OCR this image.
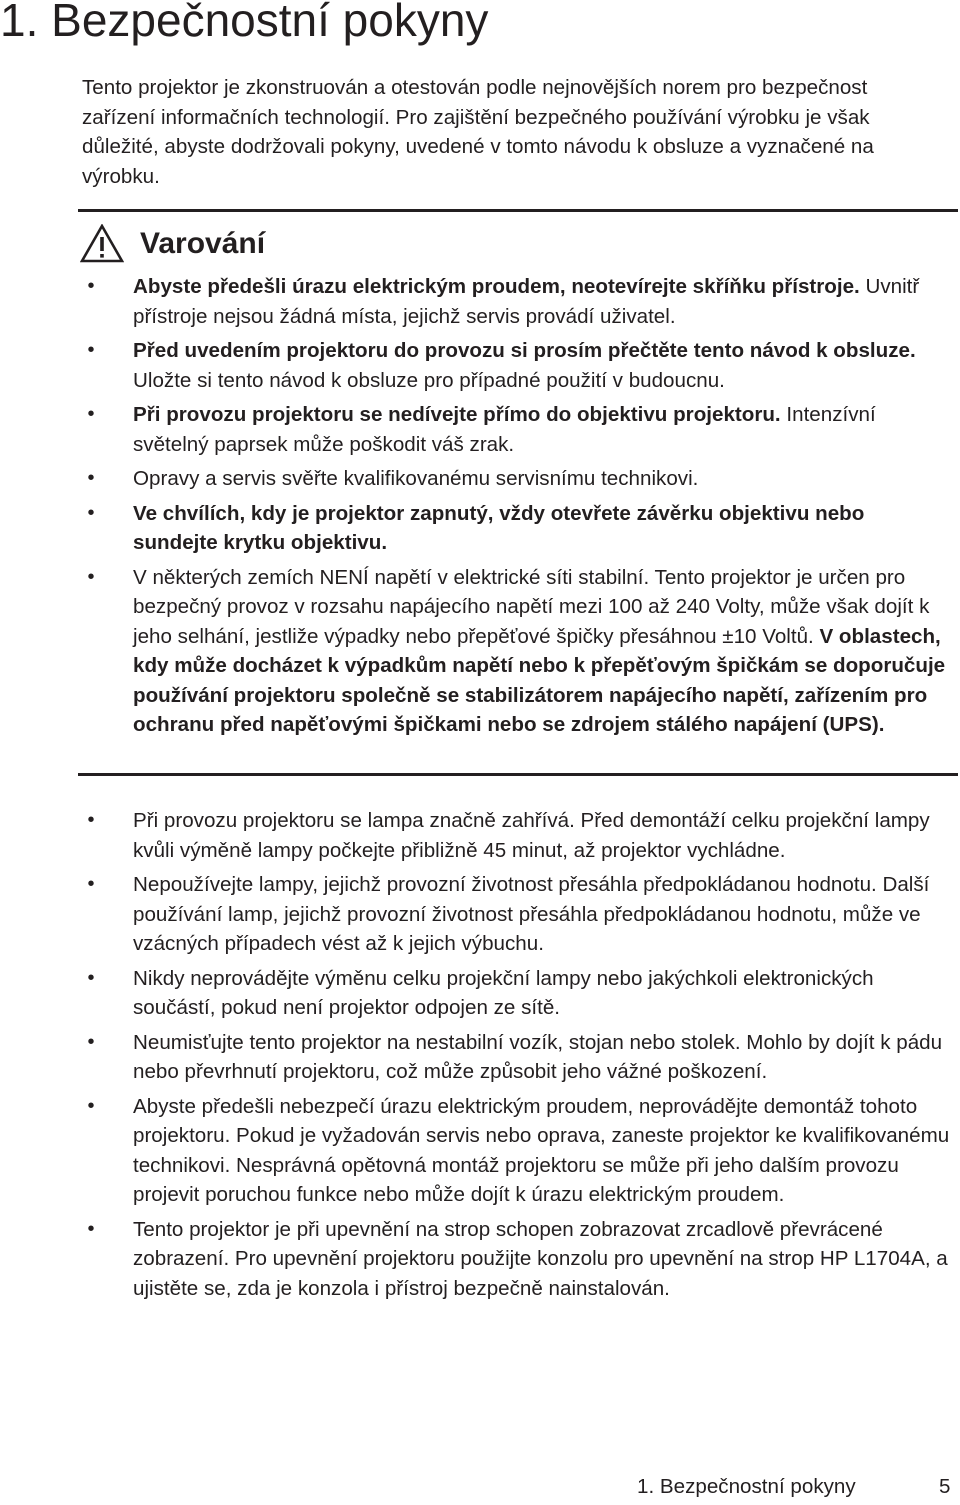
1. Bezpečnostní pokyny

Tento projektor je zkonstruován a otestován podle nejnovějších norem pro bezpečnost zařízení informačních technologií. Pro zajištění bezpečného používání výrobku je však důležité, abyste dodržovali pokyny, uvedené v tomto návodu k obsluze a vyznačené na výrobku.

Varování
• Abyste předešli úrazu elektrickým proudem, neotevírejte skříňku přístroje. Uvnitř přístroje nejsou žádná místa, jejichž servis provádí uživatel.
• Před uvedením projektoru do provozu si prosím přečtěte tento návod k obsluze. Uložte si tento návod k obsluze pro případné použití v budoucnu.
• Při provozu projektoru se nedívejte přímo do objektivu projektoru. Intenzívní světelný paprsek může poškodit váš zrak.
• Opravy a servis svěřte kvalifikovanému servisnímu technikovi.
• Ve chvílích, kdy je projektor zapnutý, vždy otevřete závěrku objektivu nebo sundejte krytku objektivu.
• V některých zemích NENÍ napětí v elektrické síti stabilní. Tento projektor je určen pro bezpečný provoz v rozsahu napájecího napětí mezi 100 až 240 Volty, může však dojít k jeho selhání, jestliže výpadky nebo přepěťové špičky přesáhnou ±10 Voltů. V oblastech, kdy může docházet k výpadkům napětí nebo k přepěťovým špičkám se doporučuje používání projektoru společně se stabilizátorem napájecího napětí, zařízením pro ochranu před napěťovými špičkami nebo se zdrojem stálého napájení (UPS).
• Při provozu projektoru se lampa značně zahřívá. Před demontáží celku projekční lampy kvůli výměně lampy počkejte přibližně 45 minut, až projektor vychládne.
• Nepoužívejte lampy, jejichž provozní životnost přesáhla předpokládanou hodnotu. Další používání lamp, jejichž provozní životnost přesáhla předpokládanou hodnotu, může ve vzácných případech vést až k jejich výbuchu.
• Nikdy neprovádějte výměnu celku projekční lampy nebo jakýchkoli elektronických součástí, pokud není projektor odpojen ze sítě.
• Neumisťujte tento projektor na nestabilní vozík, stojan nebo stolek. Mohlo by dojít k pádu nebo převrhnutí projektoru, což může způsobit jeho vážné poškození.
• Abyste předešli nebezpečí úrazu elektrickým proudem, neprovádějte demontáž tohoto projektoru. Pokud je vyžadován servis nebo oprava, zaneste projektor ke kvalifikovanému technikovi. Nesprávná opětovná montáž projektoru se může při jeho dalším provozu projevit poruchou funkce nebo může dojít k úrazu elektrickým proudem.
• Tento projektor je při upevnění na strop schopen zobrazovat zrcadlově převrácené zobrazení. Pro upevnění projektoru použijte konzolu pro upevnění na strop HP L1704A, a ujistěte se, zda je konzola i přístroj bezpečně nainstalován.
1. Bezpečnostní pokyny	5
